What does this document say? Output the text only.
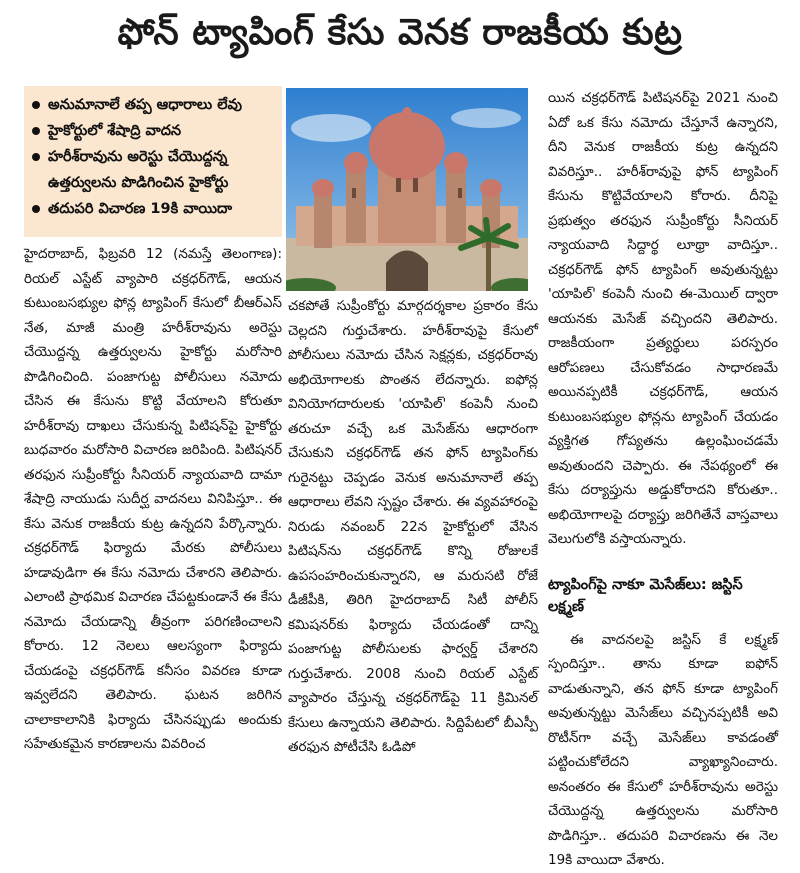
ఫోన్ ట్యాపింగ్ కేసు వెనక రాజకీయ కుట్ర
అనుమానాలే తప్ప ఆధారాలు లేవు
హైకోర్టులో శేషాద్రి వాదన
హరీశ్‌రావును అరెస్టు చేయొద్దన్న ఉత్తర్వులను పొడిగించిన హైకోర్టు
తదుపరి విచారణ 19కి వాయిదా

హైదరాబాద్, ఫిబ్రవరి 12 (నమస్తే తెలంగాణ): రియల్ ఎస్టేట్ వ్యాపారి చక్రధర్‌గౌడ్, ఆయన కుటుంబసభ్యుల ఫోన్ల ట్యాపింగ్ కేసులో బీఆర్‌ఎస్ నేత, మాజీ మంత్రి హరీశ్‌రావును అరెస్టు చేయొద్దన్న ఉత్తర్వులను హైకోర్టు మరోసారి పొడిగించింది. పంజాగుట్ట పోలీసులు నమోదు చేసిన ఈ కేసును కొట్టి వేయాలని కోరుతూ హరీశ్‌రావు దాఖలు చేసుకున్న పిటిషన్‌పై హైకోర్టు బుధవారం మరోసారి విచారణ జరిపింది. పిటిషనర్ తరఫున సుప్రీంకోర్టు సీనియర్ న్యాయవాది దామా శేషాద్రి నాయుడు సుదీర్ఘ వాదనలు వినిపిస్తూ.. ఈ కేసు వెనుక రాజకీయ కుట్ర ఉన్నదని పేర్కొన్నారు. చక్రధర్‌గౌడ్ ఫిర్యాదు మేరకు పోలీసులు హడావుడిగా ఈ కేసు నమోదు చేశారని తెలిపారు. ఎలాంటి ప్రాథమిక విచారణ చేపట్టకుండానే ఈ కేసు నమోదు చేయడాన్ని తీవ్రంగా పరిగణించాలని కోరారు. 12 నెలలు ఆలస్యంగా ఫిర్యాదు చేయడంపై చక్రధర్‌గౌడ్ కనీసం వివరణ కూడా ఇవ్వలేదని తెలిపారు. ఘటన జరిగిన చాలాకాలానికి ఫిర్యాదు చేసినప్పుడు అందుకు సహేతుకమైన కారణాలను వివరించ

చకపోతే సుప్రీంకోర్టు మార్గదర్శకాల ప్రకారం కేసు చెల్లదని గుర్తుచేశారు. హరీశ్‌రావుపై కేసులో పోలీసులు నమోదు చేసిన సెక్షన్లకు, చక్రధర్‌రావు అభియోగాలకు పొంతన లేదన్నారు. ఐఫోన్ల వినియోగదారులకు 'యాపిల్' కంపెనీ నుంచి తరుచూ వచ్చే ఒక మెసేజ్‌ను ఆధారంగా చేసుకుని చక్రధర్‌గౌడ్ తన ఫోన్ ట్యాపింగ్‌కు గురైనట్టు చెప్పడం వెనుక అనుమానాలే తప్ప ఆధారాలు లేవని స్పష్టం చేశారు. ఈ వ్యవహారంపై నిరుడు నవంబర్ 22న హైకోర్టులో వేసిన పిటిషన్‌ను చక్రధర్‌గౌడ్ కొన్ని రోజులకే ఉపసంహరించుకున్నారని, ఆ మరుసటి రోజే డీజీపీకి, తిరిగి హైదరాబాద్ సిటీ పోలీస్ కమిషనర్‌కు ఫిర్యాదు చేయడంతో దాన్ని పంజాగుట్ట పోలీసులకు ఫార్వర్డ్ చేశారని గుర్తుచేశారు. 2008 నుంచి రియల్ ఎస్టేట్ వ్యాపారం చేస్తున్న చక్రధర్‌గౌడ్‌పై 11 క్రిమినల్ కేసులు ఉన్నాయని తెలిపారు. సిద్దిపేటలో బీఎస్పీ తరఫున పోటీచేసి ఓడిపో

యిన చక్రధర్‌గౌడ్ పిటిషనర్‌పై 2021 నుంచి ఏదో ఒక కేసు నమోదు చేస్తూనే ఉన్నారని, దీని వెనుక రాజకీయ కుట్ర ఉన్నదని వివరిస్తూ.. హరీశ్‌రావుపై ఫోన్ ట్యాపింగ్ కేసును కొట్టివేయాలని కోరారు. దీనిపై ప్రభుత్వం తరఫున సుప్రీంకోర్టు సీనియర్ న్యాయవాది సిద్దార్థ లూథ్రా వాదిస్తూ.. చక్రధర్‌గౌడ్ ఫోన్ ట్యాపింగ్ అవుతున్నట్టు 'యాపిల్' కంపెనీ నుంచి ఈ-మెయిల్ ద్వారా ఆయనకు మెసేజ్ వచ్చిందని తెలిపారు. రాజకీయంగా ప్రత్యర్థులు పరస్పరం ఆరోపణలు చేసుకోవడం సాధారణమే అయినప్పటికీ చక్రధర్‌గౌడ్, ఆయన కుటుంబసభ్యుల ఫోన్లను ట్యాపింగ్ చేయడం వ్యక్తిగత గోప్యతను ఉల్లంఘించడమే అవుతుందని చెప్పారు. ఈ నేపథ్యంలో ఈ కేసు దర్యాప్తును అడ్డుకోరాదని కోరుతూ.. అభియోగాలపై దర్యాప్తు జరిగితేనే వాస్తవాలు వెలుగులోకి వస్తాయన్నారు.

ట్యాపింగ్‌పై నాకూ మెసేజ్‌లు: జస్టిస్ లక్ష్మణ్

ఈ వాదనలపై జస్టిస్ కే లక్ష్మణ్ స్పందిస్తూ.. తాను కూడా ఐఫోన్ వాడుతున్నాని, తన ఫోన్ కూడా ట్యాపింగ్ అవుతున్నట్టు మెసేజ్‌లు వచ్చినప్పటికీ అవి రొటీన్‌గా వచ్చే మెసేజ్‌లు కావడంతో పట్టించుకోలేదని వ్యాఖ్యానించారు. అనంతరం ఈ కేసులో హరీశ్‌రావును అరెస్టు చేయొద్దన్న ఉత్తర్వులను మరోసారి పొడిగిస్తూ.. తదుపరి విచారణను ఈ నెల 19కి వాయిదా వేశారు.
